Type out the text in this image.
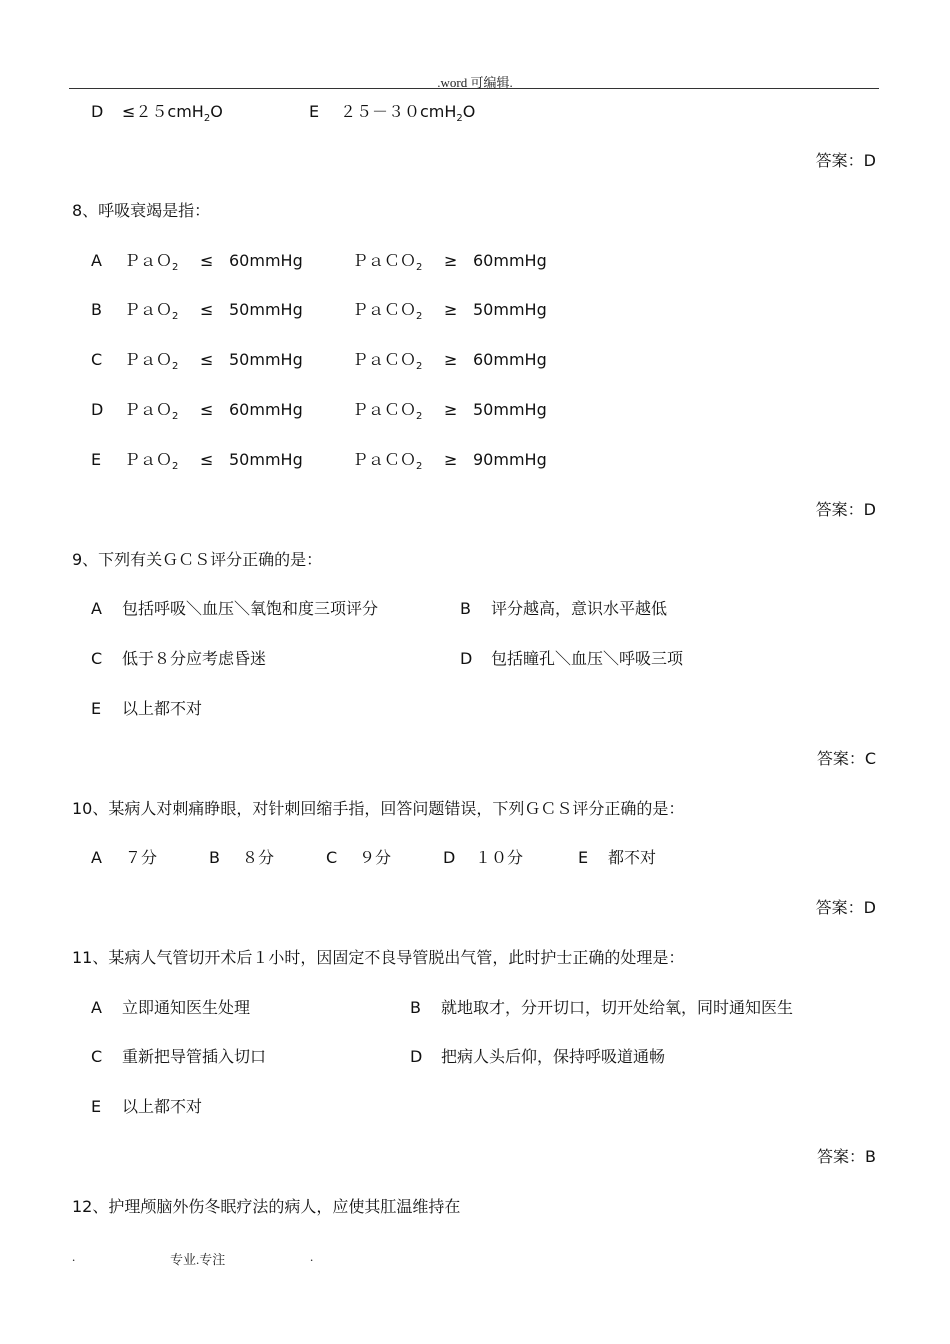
.word 可编辑.
D ≤２５cmH$_2$O	E ２５－３０cmH$_2$O
答案：D
8、呼吸衰竭是指：
A ＰａＯ$_2$ ≤ 60mmHg	ＰａＣＯ$_2$ ≥ 60mmHg
B ＰａＯ$_2$ ≤ 50mmHg	ＰａＣＯ$_2$ ≥ 50mmHg
C ＰａＯ$_2$ ≤ 50mmHg	ＰａＣＯ$_2$ ≥ 60mmHg
D ＰａＯ$_2$ ≤ 60mmHg	ＰａＣＯ$_2$ ≥ 50mmHg
E ＰａＯ$_2$ ≤ 50mmHg	ＰａＣＯ$_2$ ≥ 90mmHg
答案：D
9、下列有关ＧＣＳ评分正确的是：
A 包括呼吸＼血压＼氧饱和度三项评分	B 评分越高，意识水平越低
C 低于８分应考虑昏迷	D 包括瞳孔＼血压＼呼吸三项
E 以上都不对
答案：C
10、某病人对刺痛睁眼，对针刺回缩手指，回答问题错误，下列ＧＣＳ评分正确的是：
A ７分	B ８分	C ９分	D １０分	E 都不对
答案：D
11、某病人气管切开术后１小时，因固定不良导管脱出气管，此时护士正确的处理是：
A 立即通知医生处理	B 就地取才，分开切口，切开处给氧，同时通知医生
C 重新把导管插入切口	D 把病人头后仰，保持呼吸道通畅
E 以上都不对
答案：B
12、护理颅脑外伤冬眠疗法的病人，应使其肛温维持在
.	专业.专注	.
